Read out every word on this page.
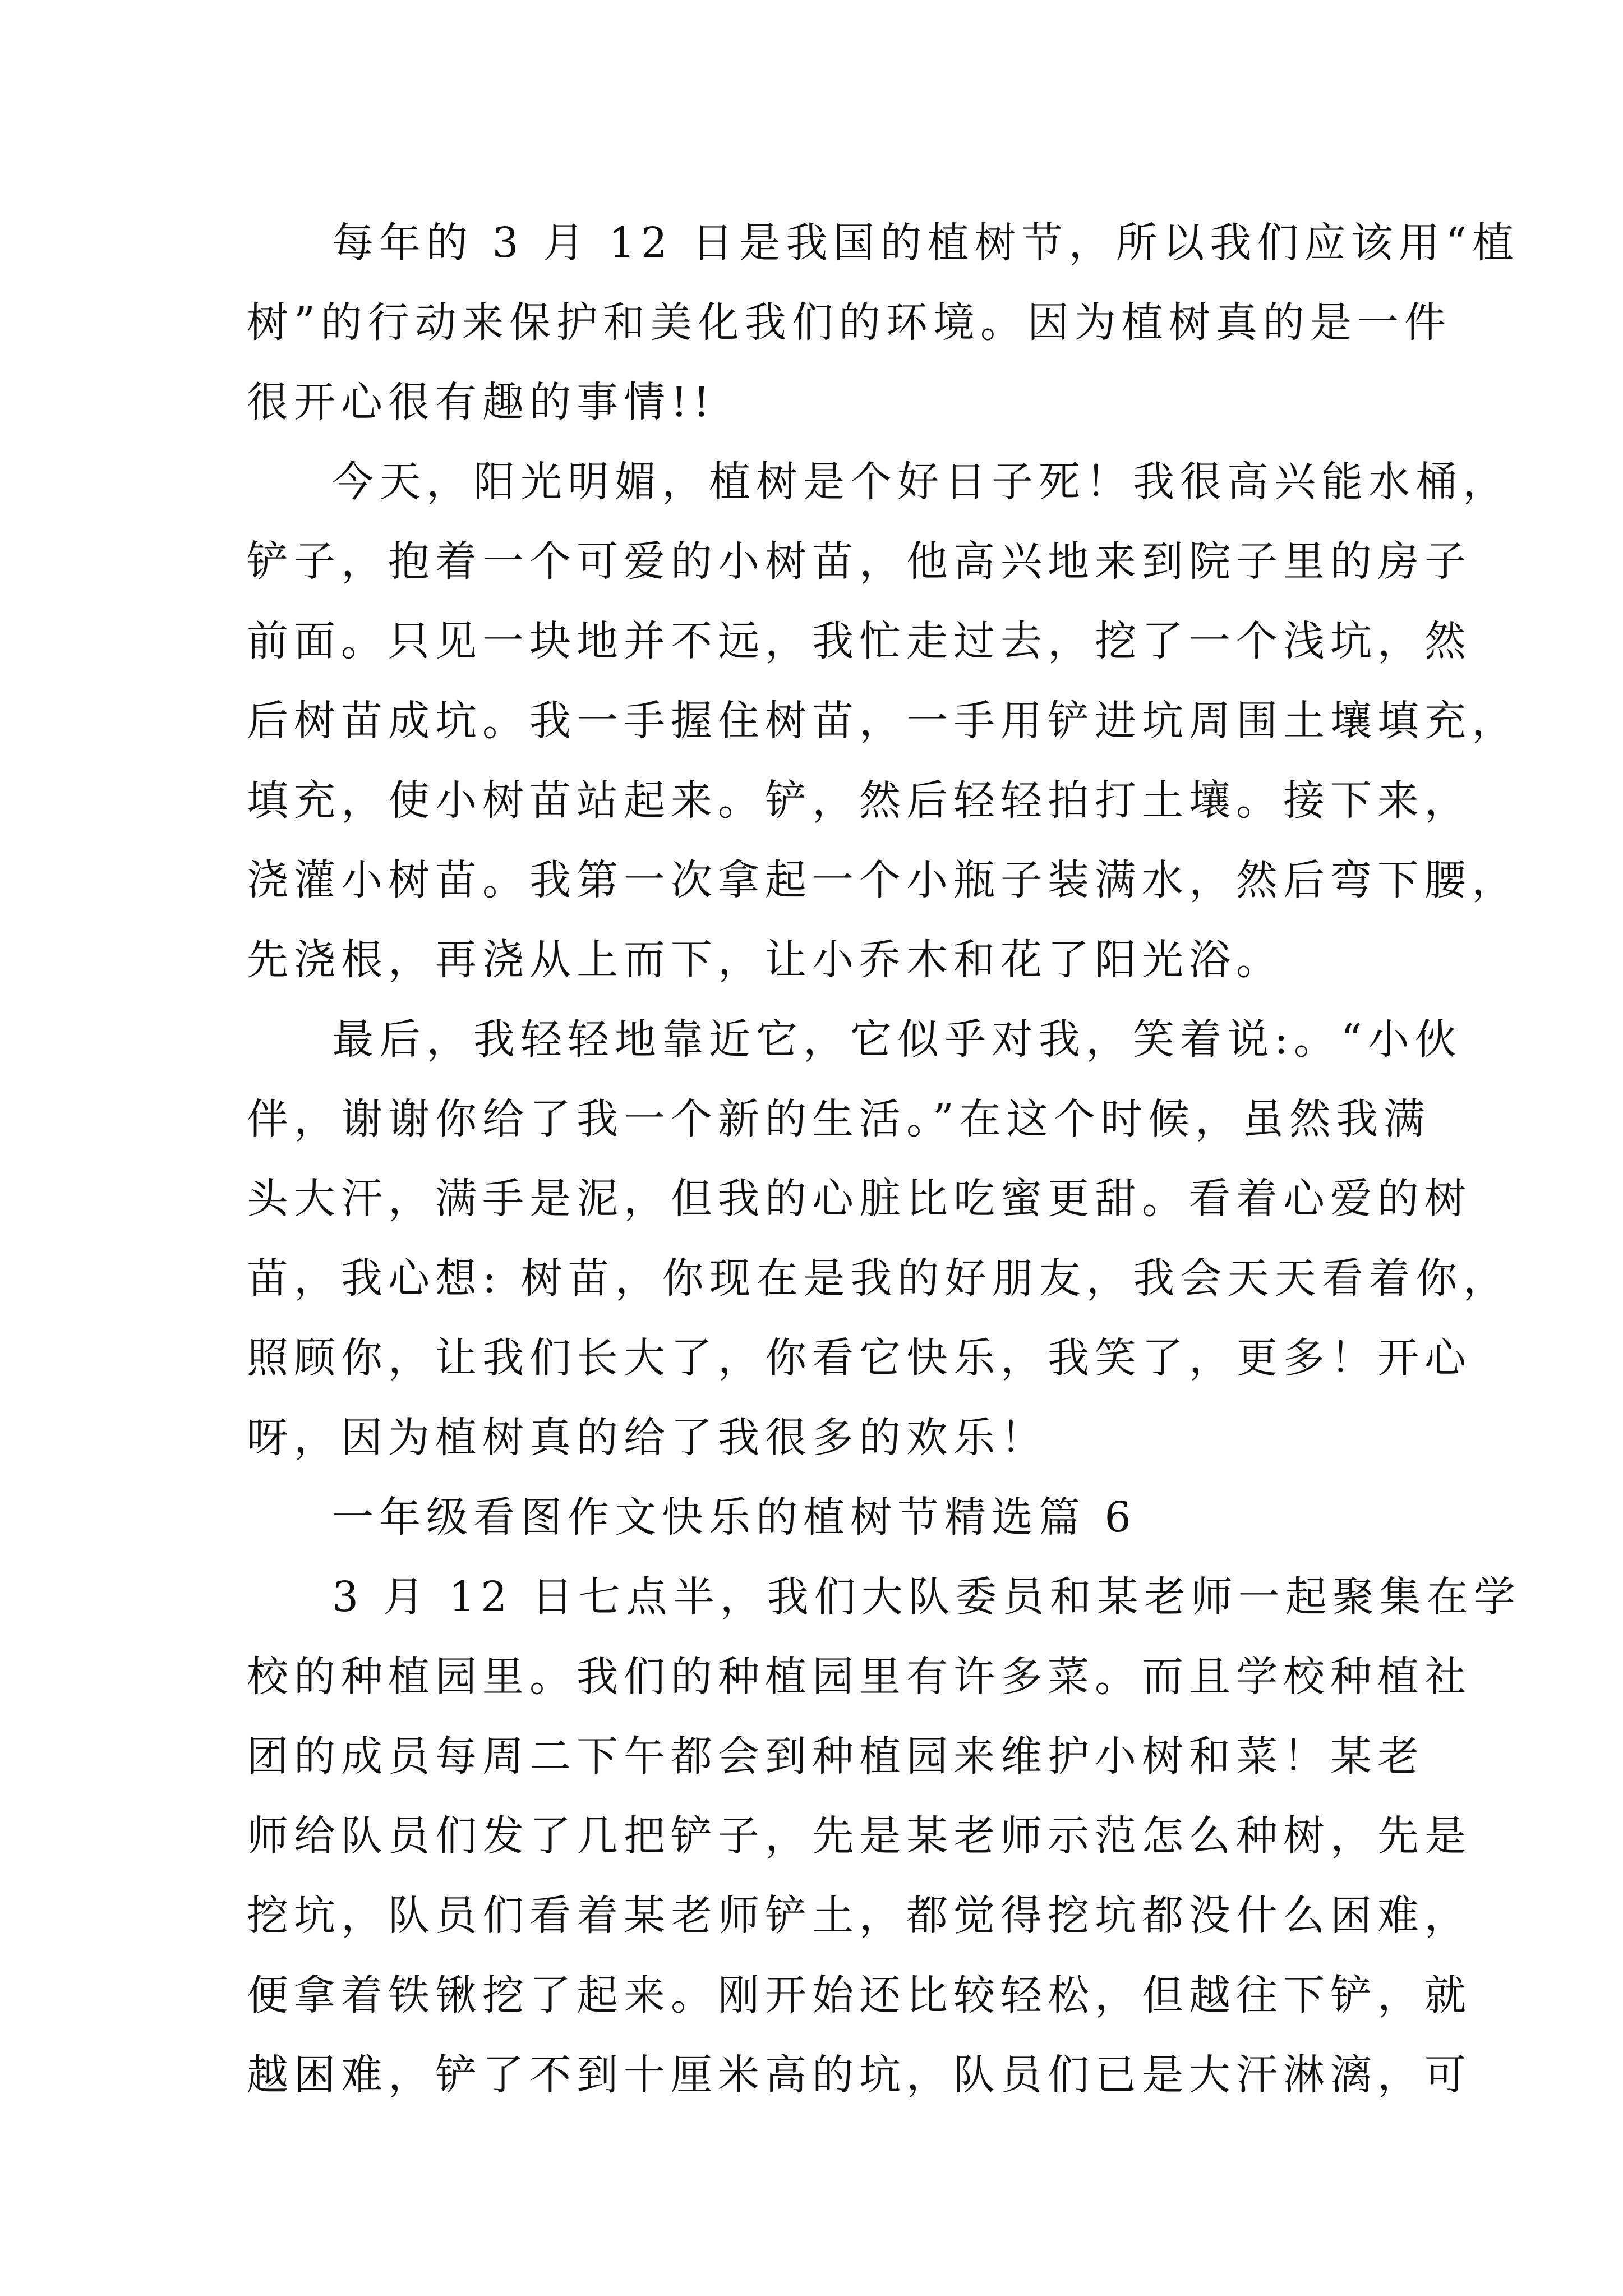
每年的 3 月 12 日是我国的植树节，所以我们应该用“植
树”的行动来保护和美化我们的环境。因为植树真的是一件
很开心很有趣的事情!!
今天，阳光明媚，植树是个好日子死！我很高兴能水桶，
铲子，抱着一个可爱的小树苗，他高兴地来到院子里的房子
前面。只见一块地并不远，我忙走过去，挖了一个浅坑，然
后树苗成坑。我一手握住树苗，一手用铲进坑周围土壤填充，
填充，使小树苗站起来。铲，然后轻轻拍打土壤。接下来，
浇灌小树苗。我第一次拿起一个小瓶子装满水，然后弯下腰，
先浇根，再浇从上而下，让小乔木和花了阳光浴。
最后，我轻轻地靠近它，它似乎对我，笑着说:。“小伙
伴，谢谢你给了我一个新的生活。”在这个时候，虽然我满
头大汗，满手是泥，但我的心脏比吃蜜更甜。看着心爱的树
苗，我心想: 树苗，你现在是我的好朋友，我会天天看着你，
照顾你，让我们长大了，你看它快乐，我笑了，更多！开心
呀，因为植树真的给了我很多的欢乐！
一年级看图作文快乐的植树节精选篇 6
3 月 12 日七点半，我们大队委员和某老师一起聚集在学
校的种植园里。我们的种植园里有许多菜。而且学校种植社
团的成员每周二下午都会到种植园来维护小树和菜！某老
师给队员们发了几把铲子，先是某老师示范怎么种树，先是
挖坑，队员们看着某老师铲土，都觉得挖坑都没什么困难，
便拿着铁锹挖了起来。刚开始还比较轻松，但越往下铲，就
越困难，铲了不到十厘米高的坑，队员们已是大汗淋漓，可
